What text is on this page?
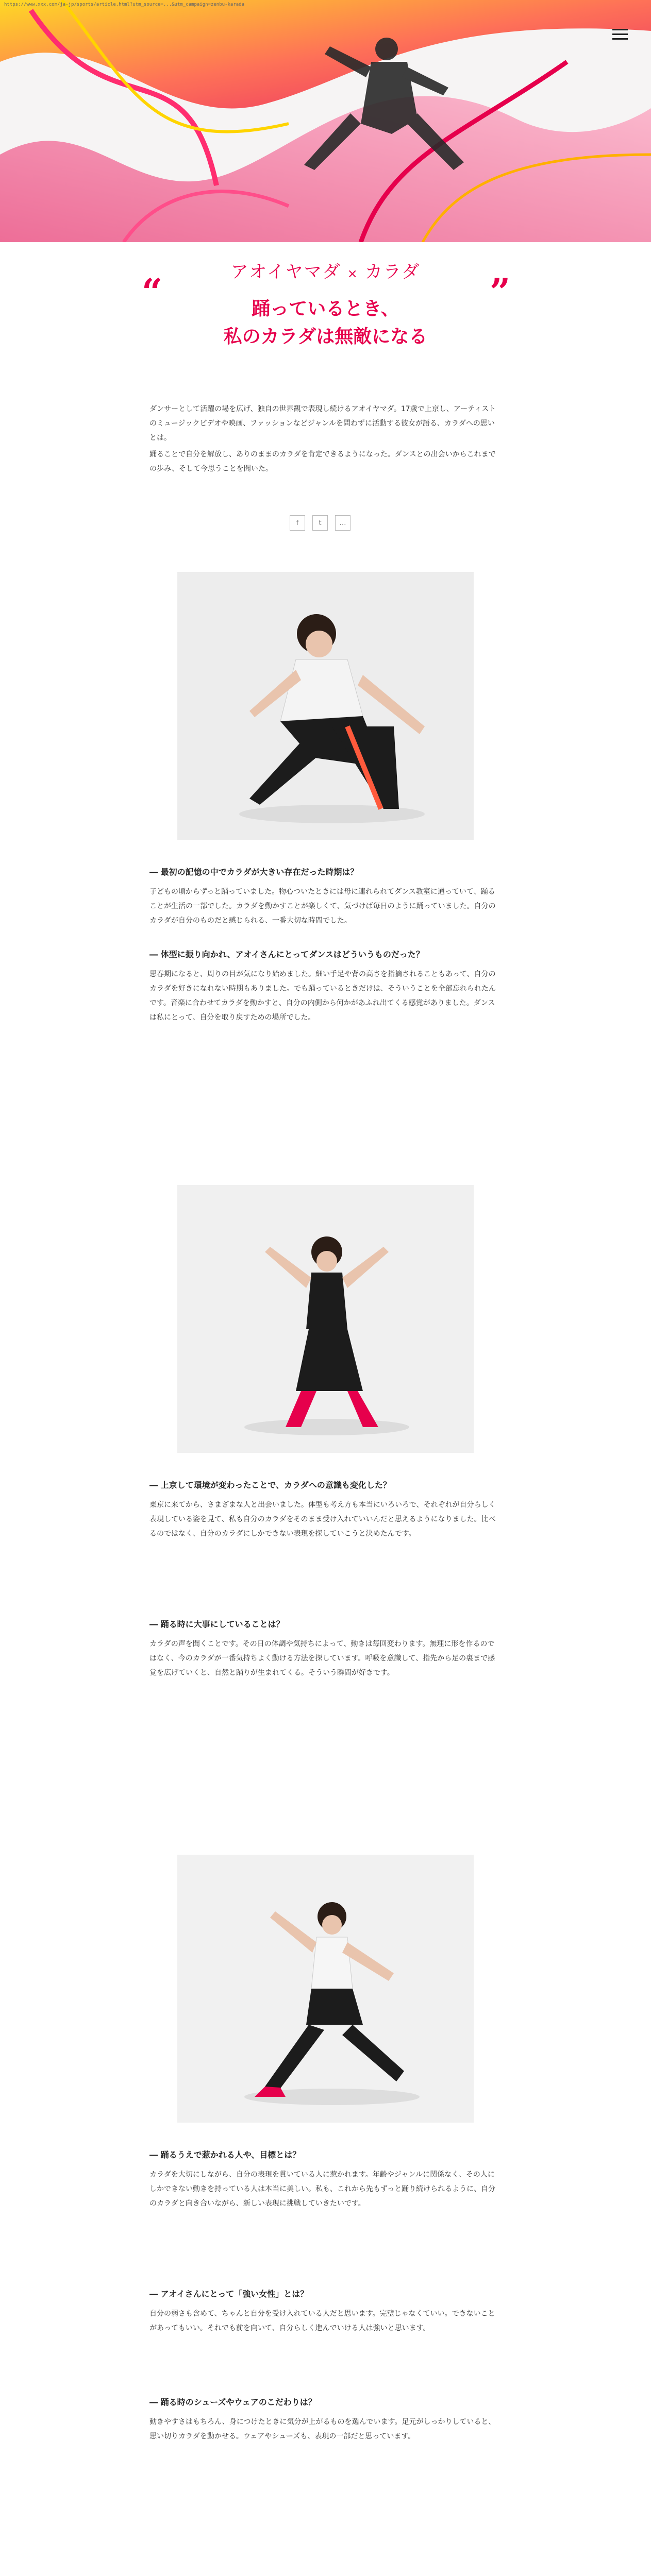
https://www.xxx.com/ja-jp/sports/article.html?utm_source=...&utm_campaign=zenbu-karada
“	”
アオイヤマダ × カラダ
踊っているとき、
私のカラダは無敵になる

ダンサーとして活躍の場を広げ、独自の世界観で表現し続けるアオイヤマダ。17歳で上京し、アーティストのミュージックビデオや映画、ファッションなどジャンルを問わずに活動する彼女が語る、カラダへの思いとは。

踊ることで自分を解放し、ありのままのカラダを肯定できるようになった。ダンスとの出会いからこれまでの歩み、そして今思うことを聞いた。

f	t	…
― 最初の記憶の中でカラダが大きい存在だった時期は？
子どもの頃からずっと踊っていました。物心ついたときには母に連れられてダンス教室に通っていて、踊ることが生活の一部でした。カラダを動かすことが楽しくて、気づけば毎日のように踊っていました。自分のカラダが自分のものだと感じられる、一番大切な時間でした。
― 体型に振り向かれ、アオイさんにとってダンスはどういうものだった？
思春期になると、周りの目が気になり始めました。細い手足や背の高さを指摘されることもあって、自分のカラダを好きになれない時期もありました。でも踊っているときだけは、そういうことを全部忘れられたんです。音楽に合わせてカラダを動かすと、自分の内側から何かがあふれ出てくる感覚がありました。ダンスは私にとって、自分を取り戻すための場所でした。
― 上京して環境が変わったことで、カラダへの意識も変化した？
東京に来てから、さまざまな人と出会いました。体型も考え方も本当にいろいろで、それぞれが自分らしく表現している姿を見て、私も自分のカラダをそのまま受け入れていいんだと思えるようになりました。比べるのではなく、自分のカラダにしかできない表現を探していこうと決めたんです。
― 踊る時に大事にしていることは？
カラダの声を聞くことです。その日の体調や気持ちによって、動きは毎回変わります。無理に形を作るのではなく、今のカラダが一番気持ちよく動ける方法を探しています。呼吸を意識して、指先から足の裏まで感覚を広げていくと、自然と踊りが生まれてくる。そういう瞬間が好きです。
― 踊るうえで惹かれる人や、目標とは？
カラダを大切にしながら、自分の表現を貫いている人に惹かれます。年齢やジャンルに関係なく、その人にしかできない動きを持っている人は本当に美しい。私も、これから先もずっと踊り続けられるように、自分のカラダと向き合いながら、新しい表現に挑戦していきたいです。
― アオイさんにとって「強い女性」とは？
自分の弱さも含めて、ちゃんと自分を受け入れている人だと思います。完璧じゃなくていい。できないことがあってもいい。それでも前を向いて、自分らしく進んでいける人は強いと思います。
― 踊る時のシューズやウェアのこだわりは？
動きやすさはもちろん、身につけたときに気分が上がるものを選んでいます。足元がしっかりしていると、思い切りカラダを動かせる。ウェアやシューズも、表現の一部だと思っています。
